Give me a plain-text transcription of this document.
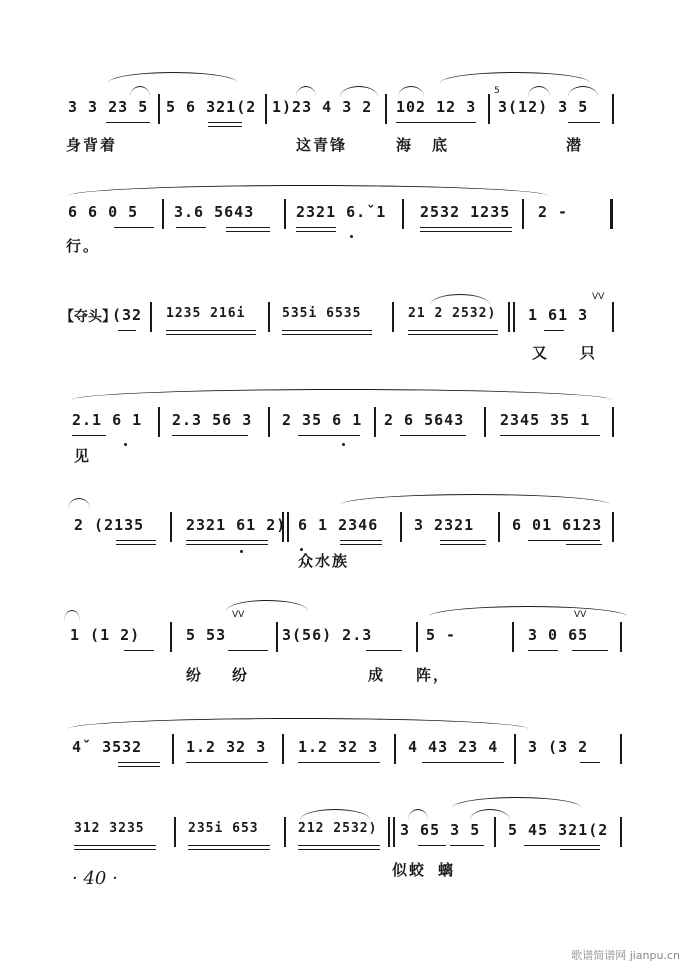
3 3 23 5 5 6 321(2 1)23 4 3 2 102 12 3
5
3(12) 3 5
身背着	这青锋	海 底	潜
6 6 0 5 3.6 5643	2321 6.ˇ1 2532 1235 2 -
行。
【夺头】
(32 1235 216i	535i 6535	21 2 2532)
ᐯᐯ
1 61 3
又 只
2.1 6 1 2.3 56 3 2 35 6 1 2 6 5643 2345 35 1
见
2 (2135	2321 61 2) 6 1 2346 3 2321	6 01 6123
众水族
ᐯᐯ	ᐯᐯ
1 (1 2)	5 53	3(56) 2.3	5 -	3 0 65
纷 纷	成 阵，
4ˇ 3532	1.2 32 3 1.2 32 3 4 43 23 4 3 (3 2
312 3235	235i 653	212 2532) 3 65 3 5 5 45 321(2
似蛟 螭
· 40 ·
歌谱简谱网 jianpu.cn
